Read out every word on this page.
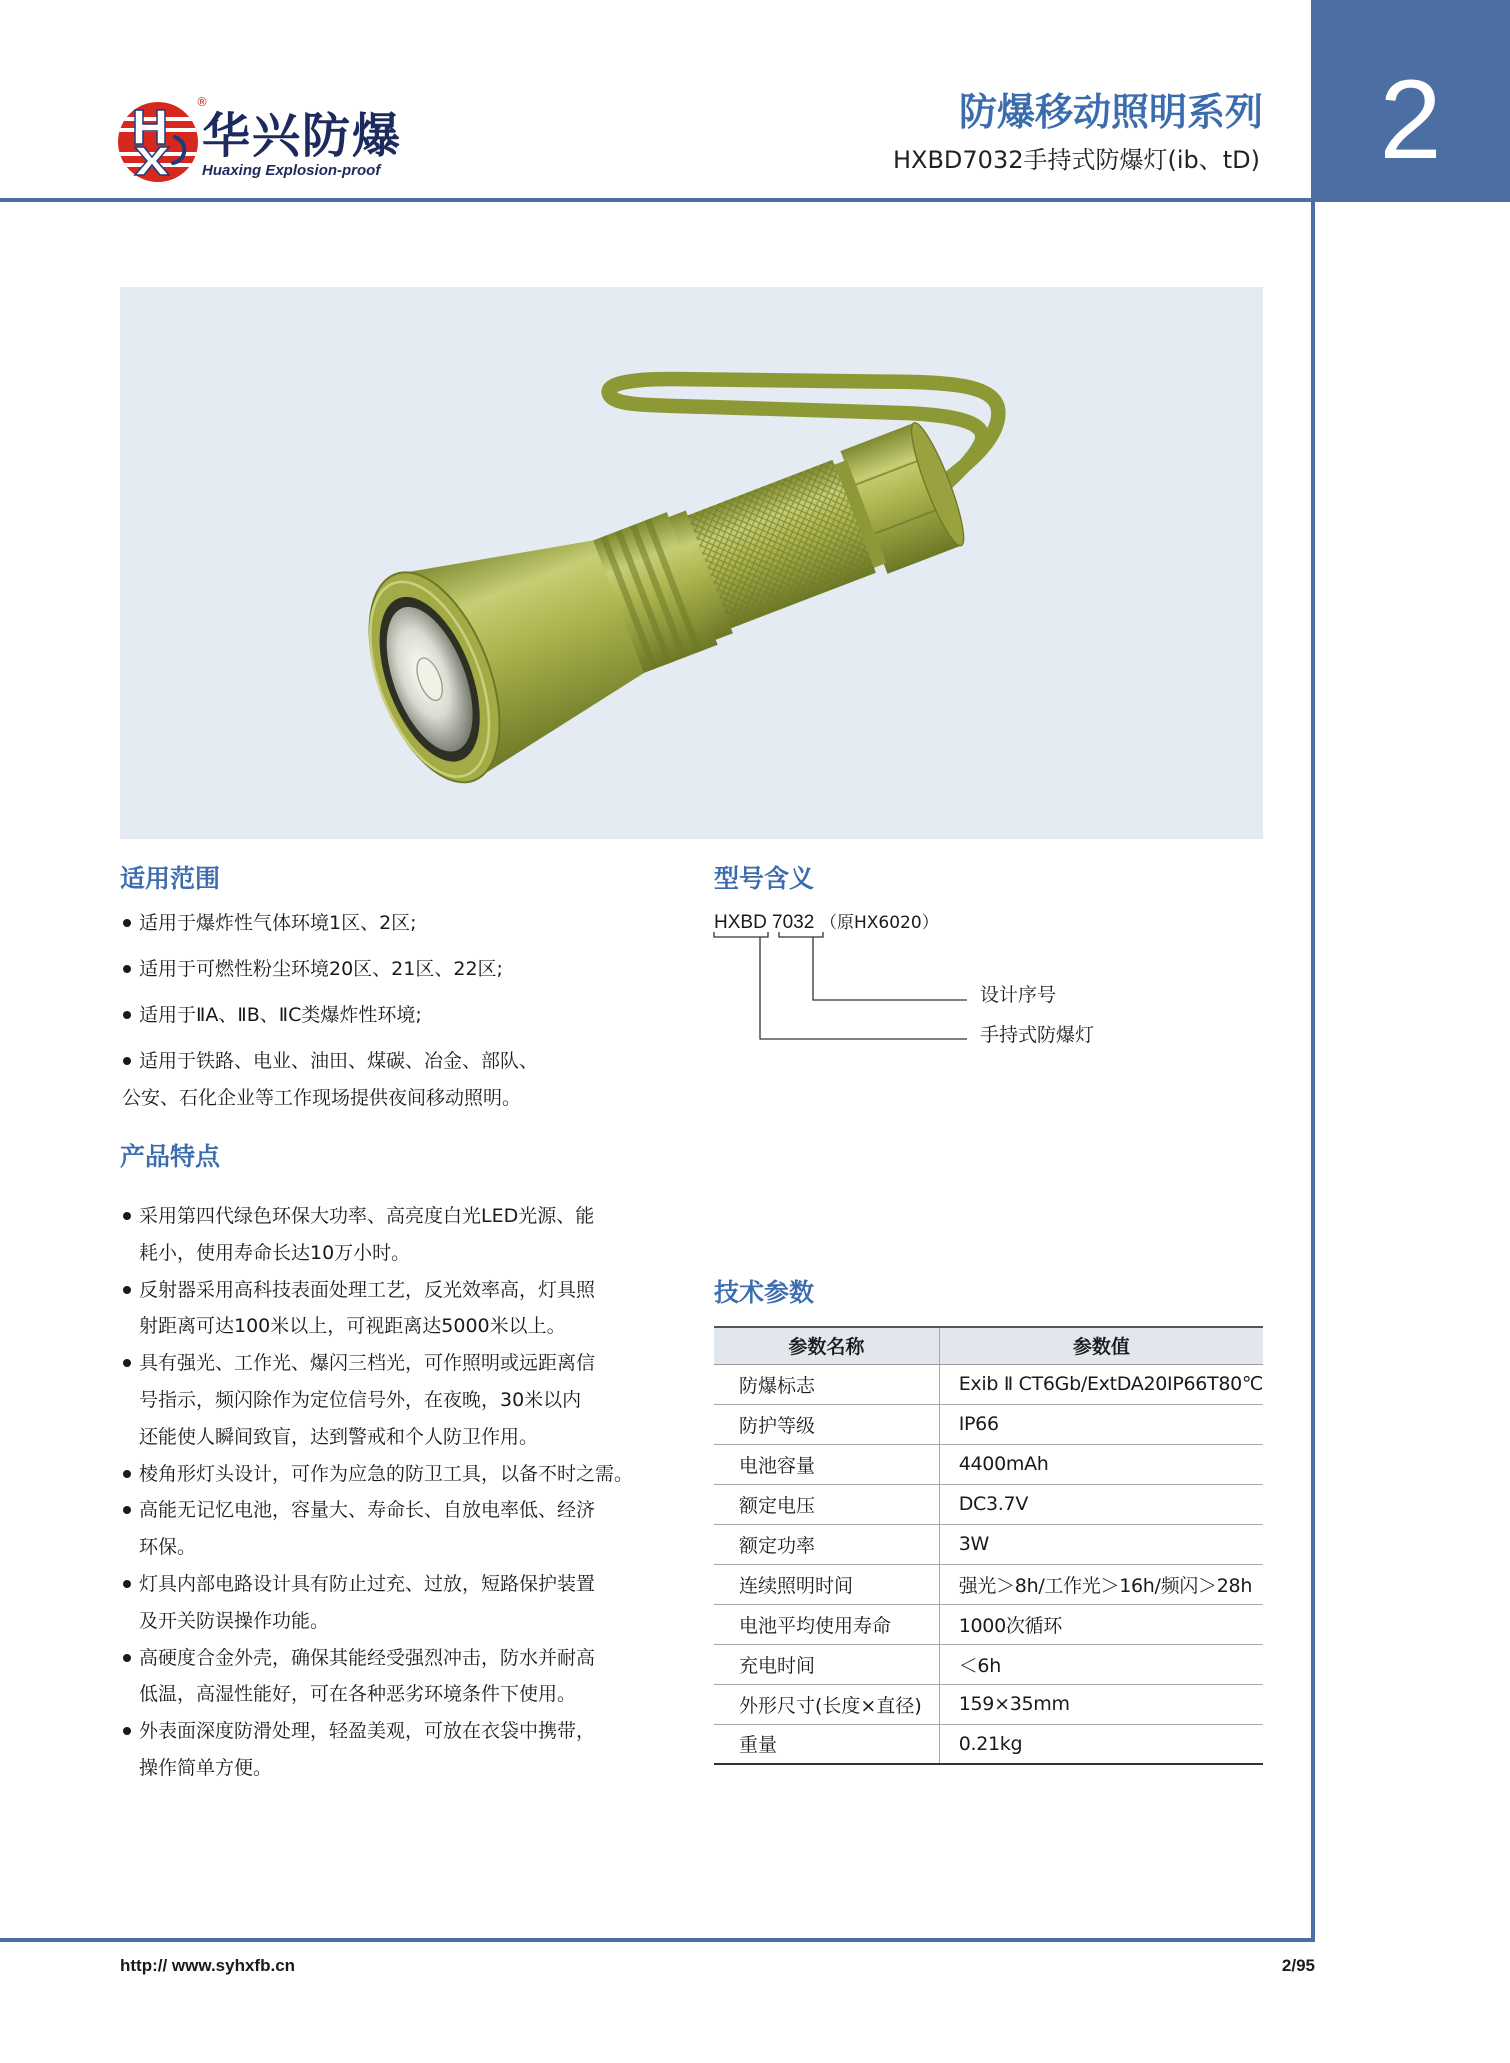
2
®
华兴防爆
Huaxing Explosion-proof
防爆移动照明系列
HXBD7032手持式防爆灯(ib、tD)
适用范围
适用于爆炸性气体环境1区、2区;
适用于可燃性粉尘环境20区、21区、22区;
适用于ⅡA、ⅡB、ⅡC类爆炸性环境;
适用于铁路、电业、油田、煤碳、冶金、部队、
公安、石化企业等工作现场提供夜间移动照明。
产品特点
采用第四代绿色环保大功率、高亮度白光LED光源、能
耗小，使用寿命长达10万小时。
反射器采用高科技表面处理工艺，反光效率高，灯具照
射距离可达100米以上，可视距离达5000米以上。
具有强光、工作光、爆闪三档光，可作照明或远距离信
号指示，频闪除作为定位信号外，在夜晚，30米以内
还能使人瞬间致盲，达到警戒和个人防卫作用。
棱角形灯头设计，可作为应急的防卫工具，以备不时之需。
高能无记忆电池，容量大、寿命长、自放电率低、经济
环保。
灯具内部电路设计具有防止过充、过放，短路保护装置
及开关防误操作功能。
高硬度合金外壳，确保其能经受强烈冲击，防水并耐高
低温，高湿性能好，可在各种恶劣环境条件下使用。
外表面深度防滑处理，轻盈美观，可放在衣袋中携带，
操作简单方便。
型号含义
HXBD 7032 （原HX6020）
设计序号
手持式防爆灯
技术参数
参数名称	参数值
防爆标志	Exib Ⅱ CT6Gb/ExtDA20IP66T80℃
防护等级	IP66
电池容量	4400mAh
额定电压	DC3.7V
额定功率	3W
连续照明时间	强光＞8h/工作光＞16h/频闪＞28h
电池平均使用寿命	1000次循环
充电时间	＜6h
外形尺寸(长度×直径)	159×35mm
重量	0.21kg
http:// www.syhxfb.cn	2/95
